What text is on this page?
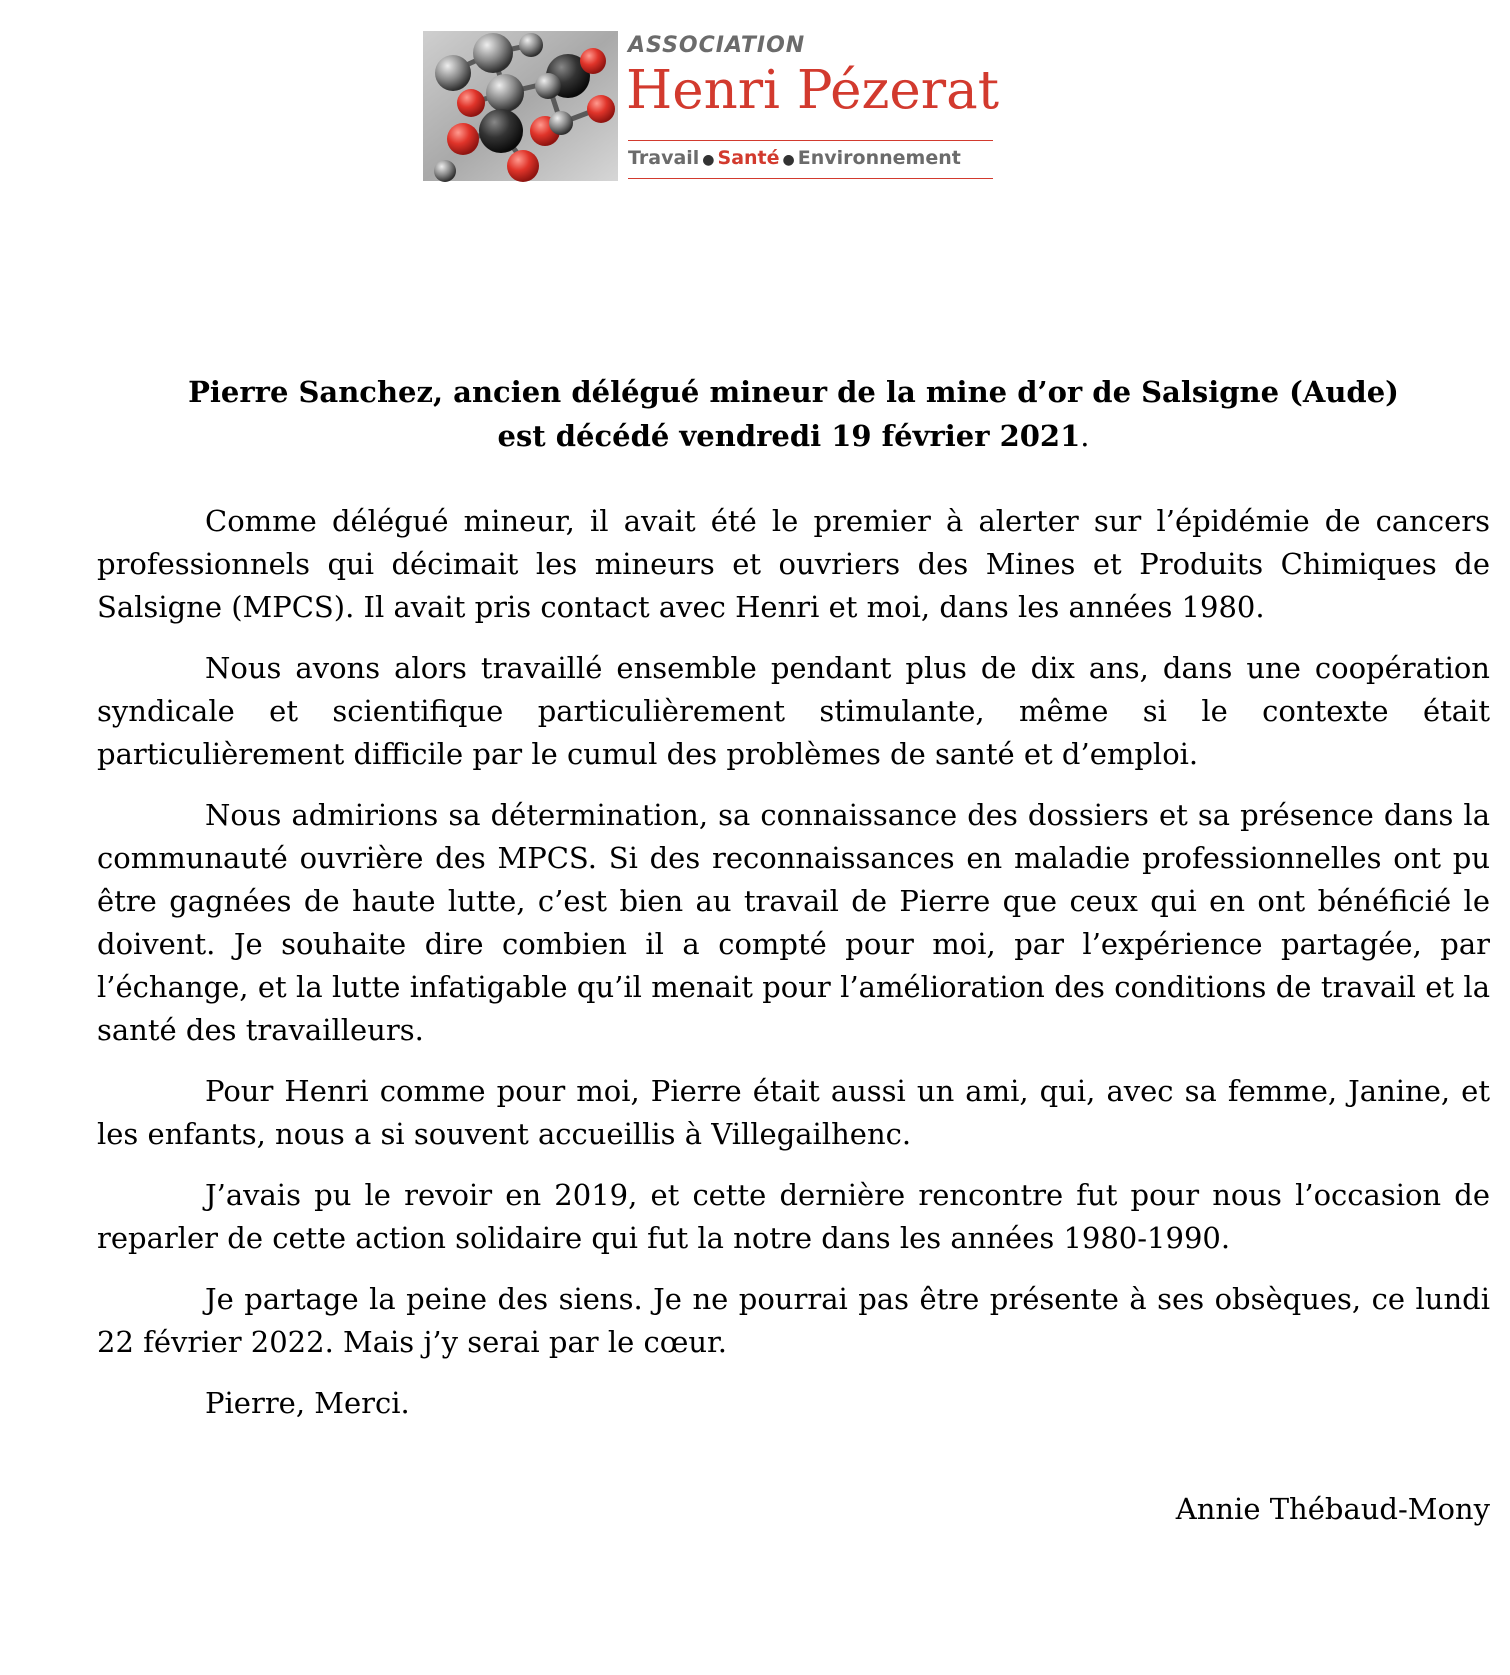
ASSOCIATION
Henri Pézerat
Travail ● Santé ● Environnement
Pierre Sanchez, ancien délégué mineur de la mine d’or de Salsigne (Aude)
est décédé vendredi 19 février 2021.

Comme délégué mineur, il avait été le premier à alerter sur l’épidémie de cancers professionnels qui décimait les mineurs et ouvriers des Mines et Produits Chimiques de Salsigne (MPCS). Il avait pris contact avec Henri et moi, dans les années 1980.

Nous avons alors travaillé ensemble pendant plus de dix ans, dans une coopération syndicale et scientifique particulièrement stimulante, même si le contexte était particulièrement difficile par le cumul des problèmes de santé et d’emploi.

Nous admirions sa détermination, sa connaissance des dossiers et sa présence dans la communauté ouvrière des MPCS. Si des reconnaissances en maladie professionnelles ont pu être gagnées de haute lutte, c’est bien au travail de Pierre que ceux qui en ont bénéficié le doivent. Je souhaite dire combien il a compté pour moi, par l’expérience partagée, par l’échange, et la lutte infatigable qu’il menait pour l’amélioration des conditions de travail et la santé des travailleurs.

Pour Henri comme pour moi, Pierre était aussi un ami, qui, avec sa femme, Janine, et les enfants, nous a si souvent accueillis à Villegailhenc.

J’avais pu le revoir en 2019, et cette dernière rencontre fut pour nous l’occasion de reparler de cette action solidaire qui fut la notre dans les années 1980-1990.

Je partage la peine des siens. Je ne pourrai pas être présente à ses obsèques, ce lundi 22 février 2022. Mais j’y serai par le cœur.

Pierre, Merci.

Annie Thébaud-Mony
